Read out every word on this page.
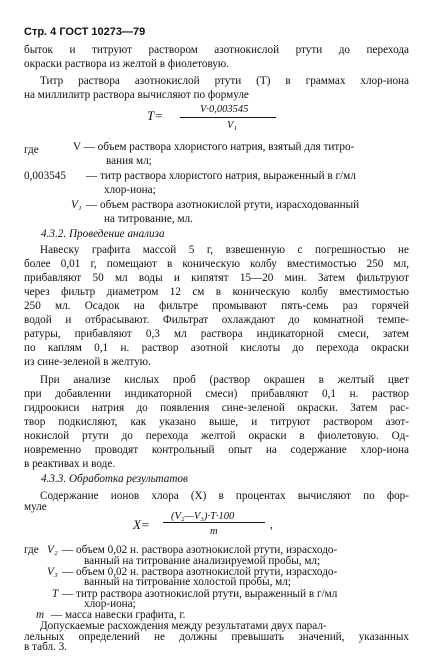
Стр. 4 ГОСТ 10273—79
быток и титруют раствором азотнокислой ртути до перехода
окраски раствора из желтой в фиолетовую.
Титр раствора азотнокислой ртути (T) в граммах хлор-иона
на миллилитр раствора вычисляют по формуле
T=	V·0,003545
V₁
где	V — объем раствора хлористого натрия, взятый для титро-
вания мл;
0,003545 — титр раствора хлористого натрия, выраженный в г/мл
хлор-иона;
V₁ — объем раствора азотнокислой ртути, израсходованный
на титрование, мл.
4.3.2. Проведение анализа
Навеску графита массой 5 г, взвешенную с погрешностью не
более 0,01 г, помещают в коническую колбу вместимостью 250 мл,
прибавляют 50 мл воды и кипятят 15—20 мин. Затем фильтруют
через фильтр диаметром 12 см в коническую колбу вместимостью
250 мл. Осадок на фильтре промывают пять-семь раз горячей
водой и отбрасывают. Фильтрат охлаждают до комнатной темпе-
ратуры, прибавляют 0,3 мл раствора индикаторной смеси, затем
по каплям 0,1 н. раствор азотной кислоты до перехода окраски
из сине-зеленой в желтую.
При анализе кислых проб (раствор окрашен в желтый цвет
при добавлении индикаторной смеси) прибавляют 0,1 н. раствор
гидроокиси натрия до появления сине-зеленой окраски. Затем рас-
твор подкисляют, как указано выше, и титруют раствором азот-
нокислой ртути до перехода желтой окраски в фиолетовую. Од-
новременно проводят контрольный опыт на содержание хлор-иона
в реактивах и воде.
4.3.3. Обработка результатов
Содержание ионов хлора (X) в процентах вычисляют по фор-
муле
X= (V₂—V₃)·T·100
m
,
где V₂ — объем 0,02 н. раствора азотнокислой ртути, израсходо-
ванный на титрование анализируемой пробы, мл;
V₃ — объем 0,02 н. раствора азотнокислой ртути, израсходо-
ванный на титрование холостой пробы, мл;
T — титр раствора азотнокислой ртути, выраженный в г/мл
хлор-иона;
m — масса навески графита, г.
Допускаемые расхождения между результатами двух парал-
лельных определений не должны превышать значений, указанных
в табл. 3.
